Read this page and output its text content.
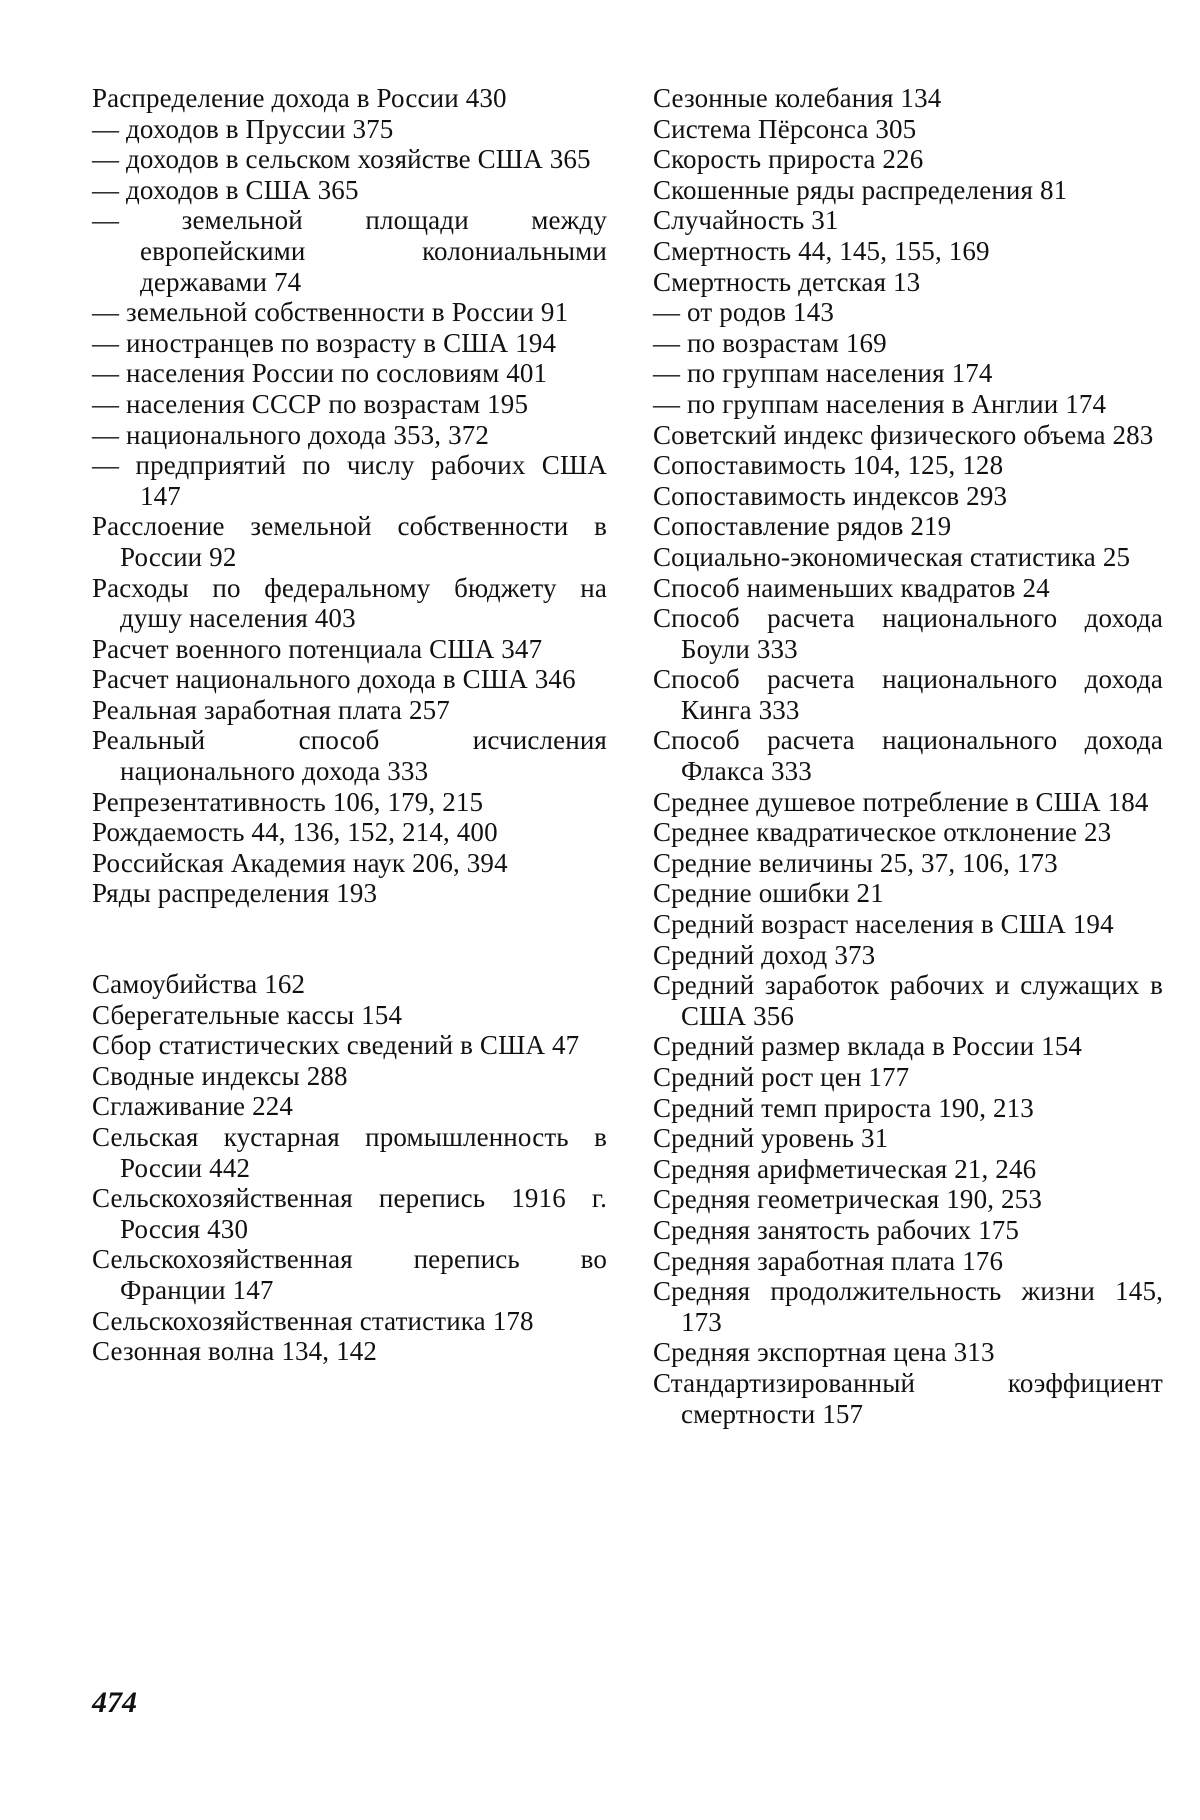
Распределение дохода в России 430

— доходов в Пруссии 375

— доходов в сельском хозяйстве США 365

— доходов в США 365

— земельной площади между европейскими колониальными державами 74

— земельной собственности в России 91

— иностранцев по возрасту в США 194

— населения России по сословиям 401

— населения СССР по возрастам 195

— национального дохода 353, 372

— предприятий по числу рабочих США 147

Расслоение земельной собственности в России 92

Расходы по федеральному бюджету на душу населения 403

Расчет военного потенциала США 347

Расчет национального дохода в США 346

Реальная заработная плата 257

Реальный способ исчисления национального дохода 333

Репрезентативность 106, 179, 215

Рождаемость 44, 136, 152, 214, 400

Российская Академия наук 206, 394

Ряды распределения 193

Самоубийства 162

Сберегательные кассы 154

Сбор статистических сведений в США 47

Сводные индексы 288

Сглаживание 224

Сельская кустарная промышленность в России 442

Сельскохозяйственная перепись 1916 г. Россия 430

Сельскохозяйственная перепись во Франции 147

Сельскохозяйственная статистика 178

Сезонная волна 134, 142

Сезонные колебания 134

Система Пёрсонса 305

Скорость прироста 226

Скошенные ряды распределения 81

Случайность 31

Смертность 44, 145, 155, 169

Смертность детская 13

— от родов 143

— по возрастам 169

— по группам населения 174

— по группам населения в Англии 174

Советский индекс физического объема 283

Сопоставимость 104, 125, 128

Сопоставимость индексов 293

Сопоставление рядов 219

Социально-экономическая статистика 25

Способ наименьших квадратов 24

Способ расчета национального дохода Боули 333

Способ расчета национального дохода Кинга 333

Способ расчета национального дохода Флакса 333

Среднее душевое потребление в США 184

Среднее квадратическое отклонение 23

Средние величины 25, 37, 106, 173

Средние ошибки 21

Средний возраст населения в США 194

Средний доход 373

Средний заработок рабочих и служащих в США 356

Средний размер вклада в России 154

Средний рост цен 177

Средний темп прироста 190, 213

Средний уровень 31

Средняя арифметическая 21, 246

Средняя геометрическая 190, 253

Средняя занятость рабочих 175

Средняя заработная плата 176

Средняя продолжительность жизни 145, 173

Средняя экспортная цена 313

Стандартизированный коэффициент смертности 157

474
